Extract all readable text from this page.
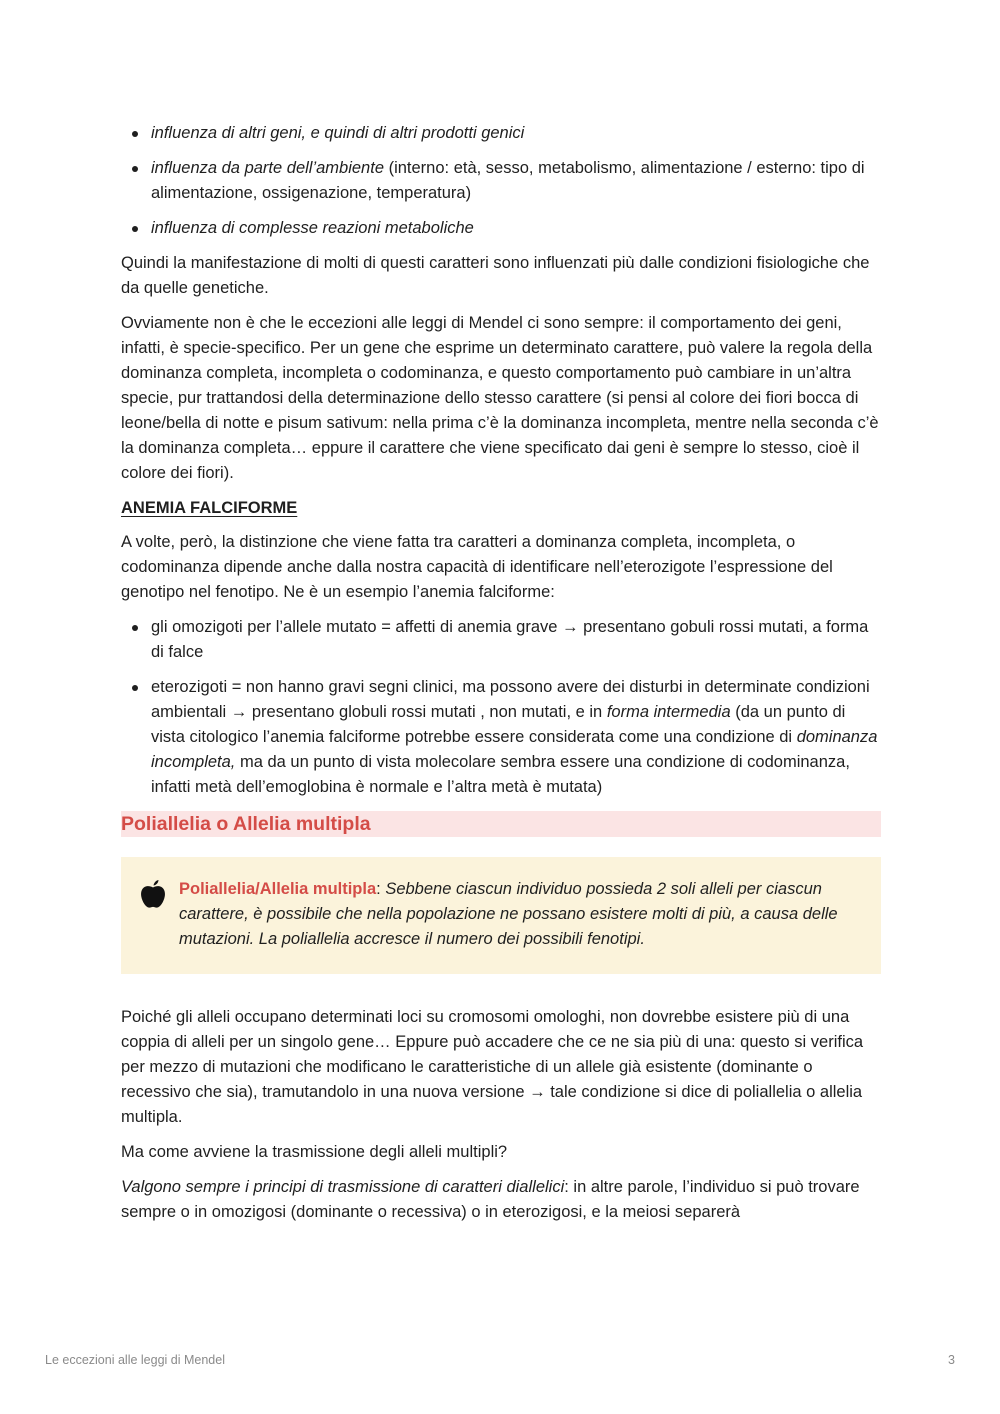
influenza di altri geni, e quindi di altri prodotti genici
influenza da parte dell’ambiente (interno: età, sesso, metabolismo, alimentazione / esterno: tipo di alimentazione, ossigenazione, temperatura)
influenza di complesse reazioni metaboliche

Quindi la manifestazione di molti di questi caratteri sono influenzati più dalle condizioni fisiologiche che da quelle genetiche.

Ovviamente non è che le eccezioni alle leggi di Mendel ci sono sempre: il comportamento dei geni, infatti, è specie-specifico. Per un gene che esprime un determinato carattere, può valere la regola della dominanza completa, incompleta o codominanza, e questo comportamento può cambiare in un’altra specie, pur trattandosi della determinazione dello stesso carattere (si pensi al colore dei fiori bocca di leone/bella di notte e pisum sativum: nella prima c’è la dominanza incompleta, mentre nella seconda c’è la dominanza completa… eppure il carattere che viene specificato dai geni è sempre lo stesso, cioè il colore dei fiori).

ANEMIA FALCIFORME

A volte, però, la distinzione che viene fatta tra caratteri a dominanza completa, incompleta, o codominanza dipende anche dalla nostra capacità di identificare nell’eterozigote l’espressione del genotipo nel fenotipo. Ne è un esempio l’anemia falciforme:

gli omozigoti per l’allele mutato = affetti di anemia grave → presentano gobuli rossi mutati, a forma di falce
eterozigoti = non hanno gravi segni clinici, ma possono avere dei disturbi in determinate condizioni ambientali → presentano globuli rossi mutati , non mutati, e in forma intermedia (da un punto di vista citologico l’anemia falciforme potrebbe essere considerata come una condizione di dominanza incompleta, ma da un punto di vista molecolare sembra essere una condizione di codominanza, infatti metà dell’emoglobina è normale e l’altra metà è mutata)
Poliallelia o Allelia multipla
Poliallelia/Allelia multipla: Sebbene ciascun individuo possieda 2 soli alleli per ciascun carattere, è possibile che nella popolazione ne possano esistere molti di più, a causa delle mutazioni. La poliallelia accresce il numero dei possibili fenotipi.

Poiché gli alleli occupano determinati loci su cromosomi omologhi, non dovrebbe esistere più di una coppia di alleli per un singolo gene… Eppure può accadere che ce ne sia più di una: questo si verifica per mezzo di mutazioni che modificano le caratteristiche di un allele già esistente (dominante o recessivo che sia), tramutandolo in una nuova versione → tale condizione si dice di poliallelia o allelia multipla.

Ma come avviene la trasmissione degli alleli multipli?

Valgono sempre i principi di trasmissione di caratteri diallelici: in altre parole, l’individuo si può trovare sempre o in omozigosi (dominante o recessiva) o in eterozigosi, e la meiosi separerà

Le eccezioni alle leggi di Mendel	3
